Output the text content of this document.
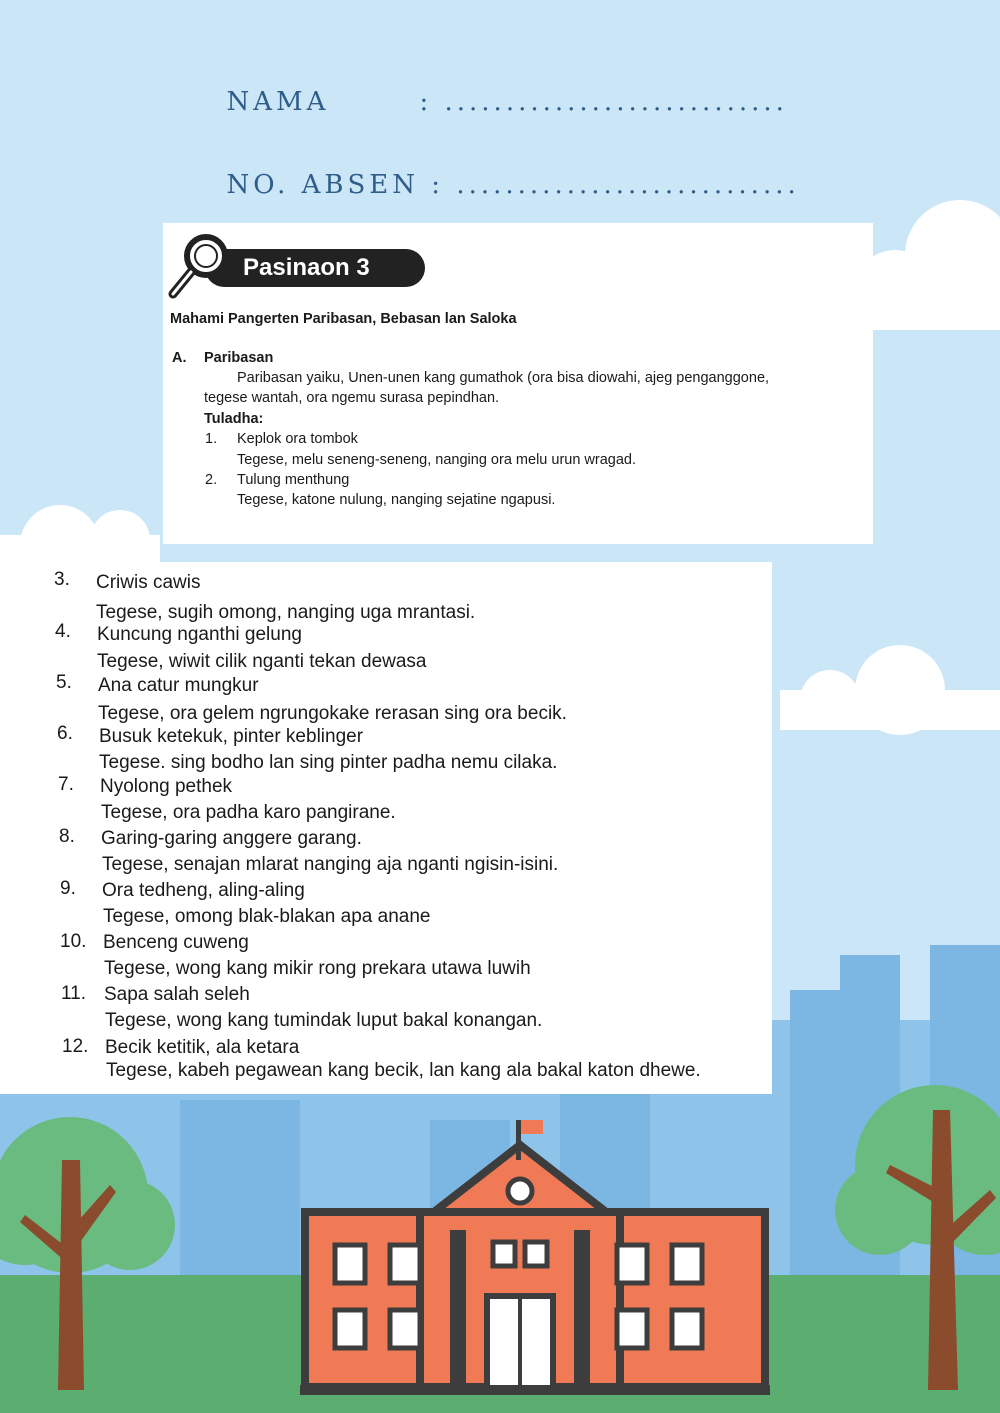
NAMA	: ............................

NO. ABSEN : ............................

Pasinaon 3
Mahami Pangerten Paribasan, Bebasan lan Saloka
A. Paribasan
Paribasan yaiku, Unen-unen kang gumathok (ora bisa diowahi, ajeg penganggone,
tegese wantah, ora ngemu surasa pepindhan.
Tuladha:
1. Keplok ora tombok
Tegese, melu seneng-seneng, nanging ora melu urun wragad.
2. Tulung menthung
Tegese, katone nulung, nanging sejatine ngapusi.
3. Criwis cawis
Tegese, sugih omong, nanging uga mrantasi.
4. Kuncung nganthi gelung
Tegese, wiwit cilik nganti tekan dewasa
5. Ana catur mungkur
Tegese, ora gelem ngrungokake rerasan sing ora becik.
6. Busuk ketekuk, pinter keblinger
Tegese. sing bodho lan sing pinter padha nemu cilaka.
7. Nyolong pethek
Tegese, ora padha karo pangirane.
8. Garing-garing anggere garang.
Tegese, senajan mlarat nanging aja nganti ngisin-isini.
9. Ora tedheng, aling-aling
Tegese, omong blak-blakan apa anane
10. Benceng cuweng
Tegese, wong kang mikir rong prekara utawa luwih
11. Sapa salah seleh
Tegese, wong kang tumindak luput bakal konangan.
12. Becik ketitik, ala ketara
Tegese, kabeh pegawean kang becik, lan kang ala bakal katon dhewe.
